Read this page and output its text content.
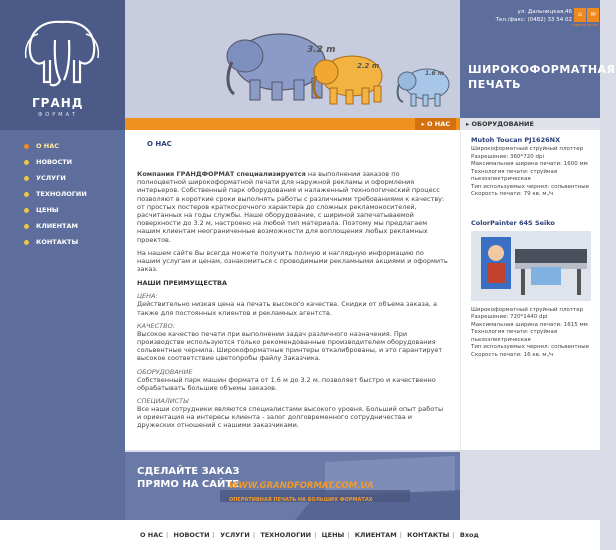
ГРАНД
ФОРМАТ
О НАС
НОВОСТИ
УСЛУГИ
ТЕХНОЛОГИИ
ЦЕНЫ
КЛИЕНТАМ
КОНТАКТЫ
3.2 m
2.2 m
1.6 m
ул. Дальницкая,46
Тел./факс: (0482) 33 54 02
⌂	✉
главная почта
ШИРОКОФОРМАТНАЯ
ПЕЧАТЬ
▸ О НАС	▸ ОБОРУДОВАНИЕ
О НАС

Компания ГРАНДФОРМАТ специализируется на выполнении заказов по полноцветной широкоформатной печати для наружной рекламы и оформления интерьеров. Собственный парк оборудования и налаженный технологический процесс позволяют в короткие сроки выполнять работы с различными требованиями к качеству: от простых постеров краткосрочного характера до сложных рекламоносителей, расчитанных на годы службы. Наше оборудование, с шириной запечатываемой поверхности до 3.2 м, настроено на любой тип материала. Поэтому мы предлагаем нашим клиентам неограниченные возможности для воплощения любых рекламных проектов.

На нашем сайте Вы всегда можете получить полную и наглядную информацию по нашим услугам и ценам, ознакомиться с проводимыми рекламными акциями и оформить заказ.

НАШИ ПРЕИМУЩЕСТВА
ЦЕНА:

Действительно низкая цена на печать высокого качества. Скидки от объема заказа, а также для постоянных клиентов и рекламных агентств.

КАЧЕСТВО:

Высокое качество печати при выполнении задач различного назначения. При производстве используются только рекомендованные производителем оборудования сольвентные чернила. Широкоформатные принтеры откалиброваны, и это гарантирует высокое соответствие цветопробы файлу Заказчика.

ОБОРУДОВАНИЕ

Собственный парк машин формата от 1.6 м до 3.2 м. позволяет быстро и качественно обрабатывать большие объемы заказов.

СПЕЦИАЛИСТЫ

Все наши сотрудники являются специалистами высокого уровня. Больший опыт работы и ориентация на интересы клиента - залог долговременного сотрудничества и дружеских отношений с нашими заказчиками.

Mutoh Toucan PJ1626NX
Широкоформатный струйный плоттер
Разрешение: 360*720 dpi
Максимальная ширина печати: 1600 мм
Технология печати: струйная пьезоэлектрическая
Тип используемых чернил: сольвентные
Скорость печати: 79 кв. м./ч
ColorPainter 64S Seiko
Широкоформатный струйный плоттер
Разрешение: 720*1440 dpi
Максимальная ширина печати: 1615 мм
Технология печати: струйная пьезоэлектрическая
Тип используемых чернил: сольвентные
Скорость печати: 16 кв. м./ч
СДЕЛАЙТЕ ЗАКАЗ
ПРЯМО НА САЙТЕ
WWW.GRANDFORMAT.COM.UA
ОПЕРАТИВНАЯ ПЕЧАТЬ НА БОЛЬШИХ ФОРМАТАХ
О НАС | НОВОСТИ | УСЛУГИ | ТЕХНОЛОГИИ | ЦЕНЫ | КЛИЕНТАМ | КОНТАКТЫ | Вход
